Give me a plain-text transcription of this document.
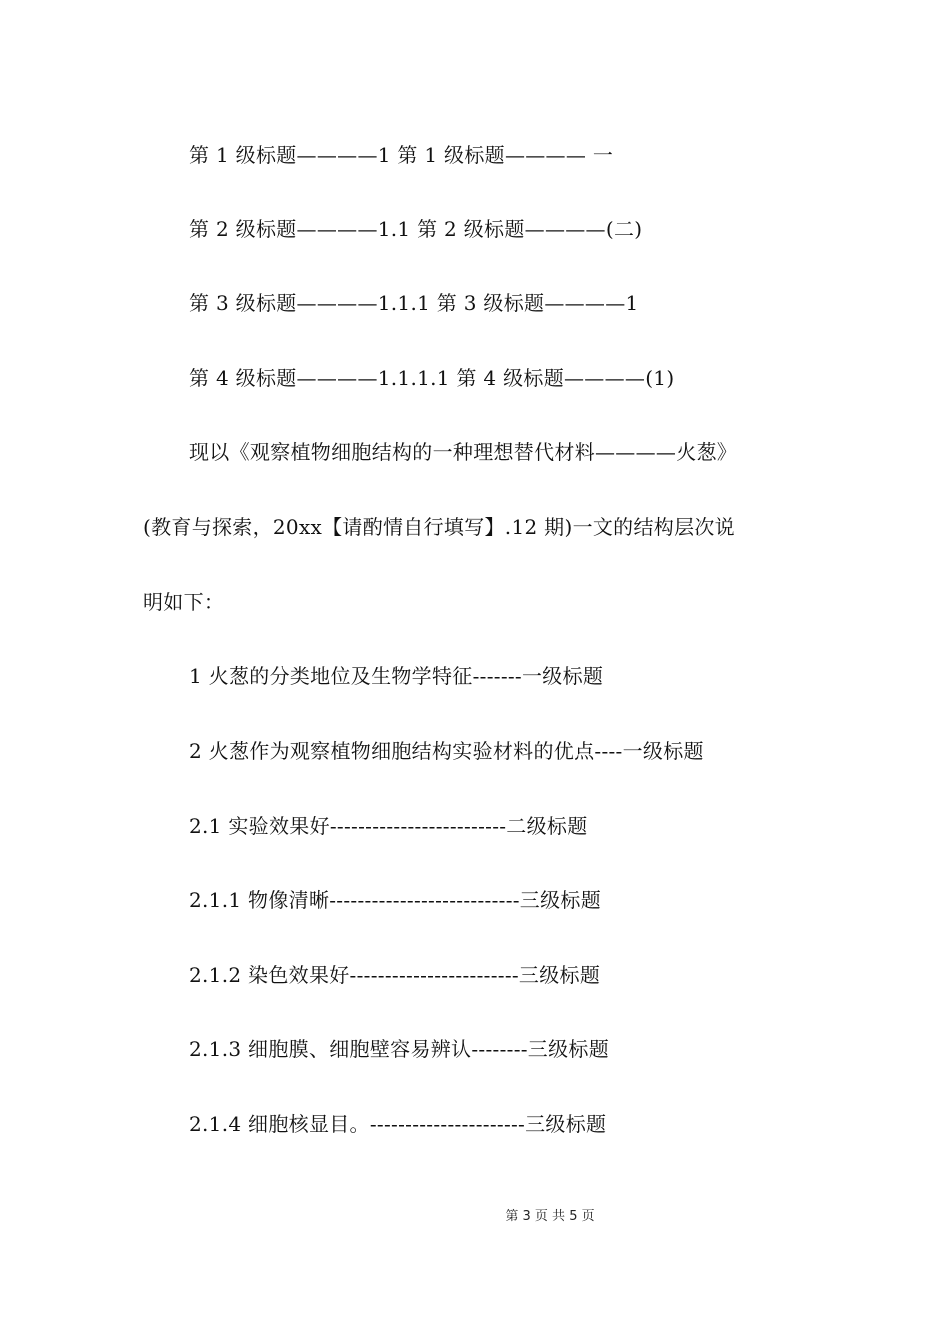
第 1 级标题————1 第 1 级标题———— 一
第 2 级标题————1.1 第 2 级标题————(二)
第 3 级标题————1.1.1 第 3 级标题————1
第 4 级标题————1.1.1.1 第 4 级标题————(1)
现以《观察植物细胞结构的一种理想替代材料————火葱》
(教育与探索，20xx【请酌情自行填写】.12 期)一文的结构层次说
明如下：
1 火葱的分类地位及生物学特征-------一级标题
2 火葱作为观察植物细胞结构实验材料的优点----一级标题
2.1 实验效果好-------------------------二级标题
2.1.1 物像清晰---------------------------三级标题
2.1.2 染色效果好------------------------三级标题
2.1.3 细胞膜、细胞壁容易辨认--------三级标题
2.1.4 细胞核显目。----------------------三级标题
第 3 页 共 5 页
